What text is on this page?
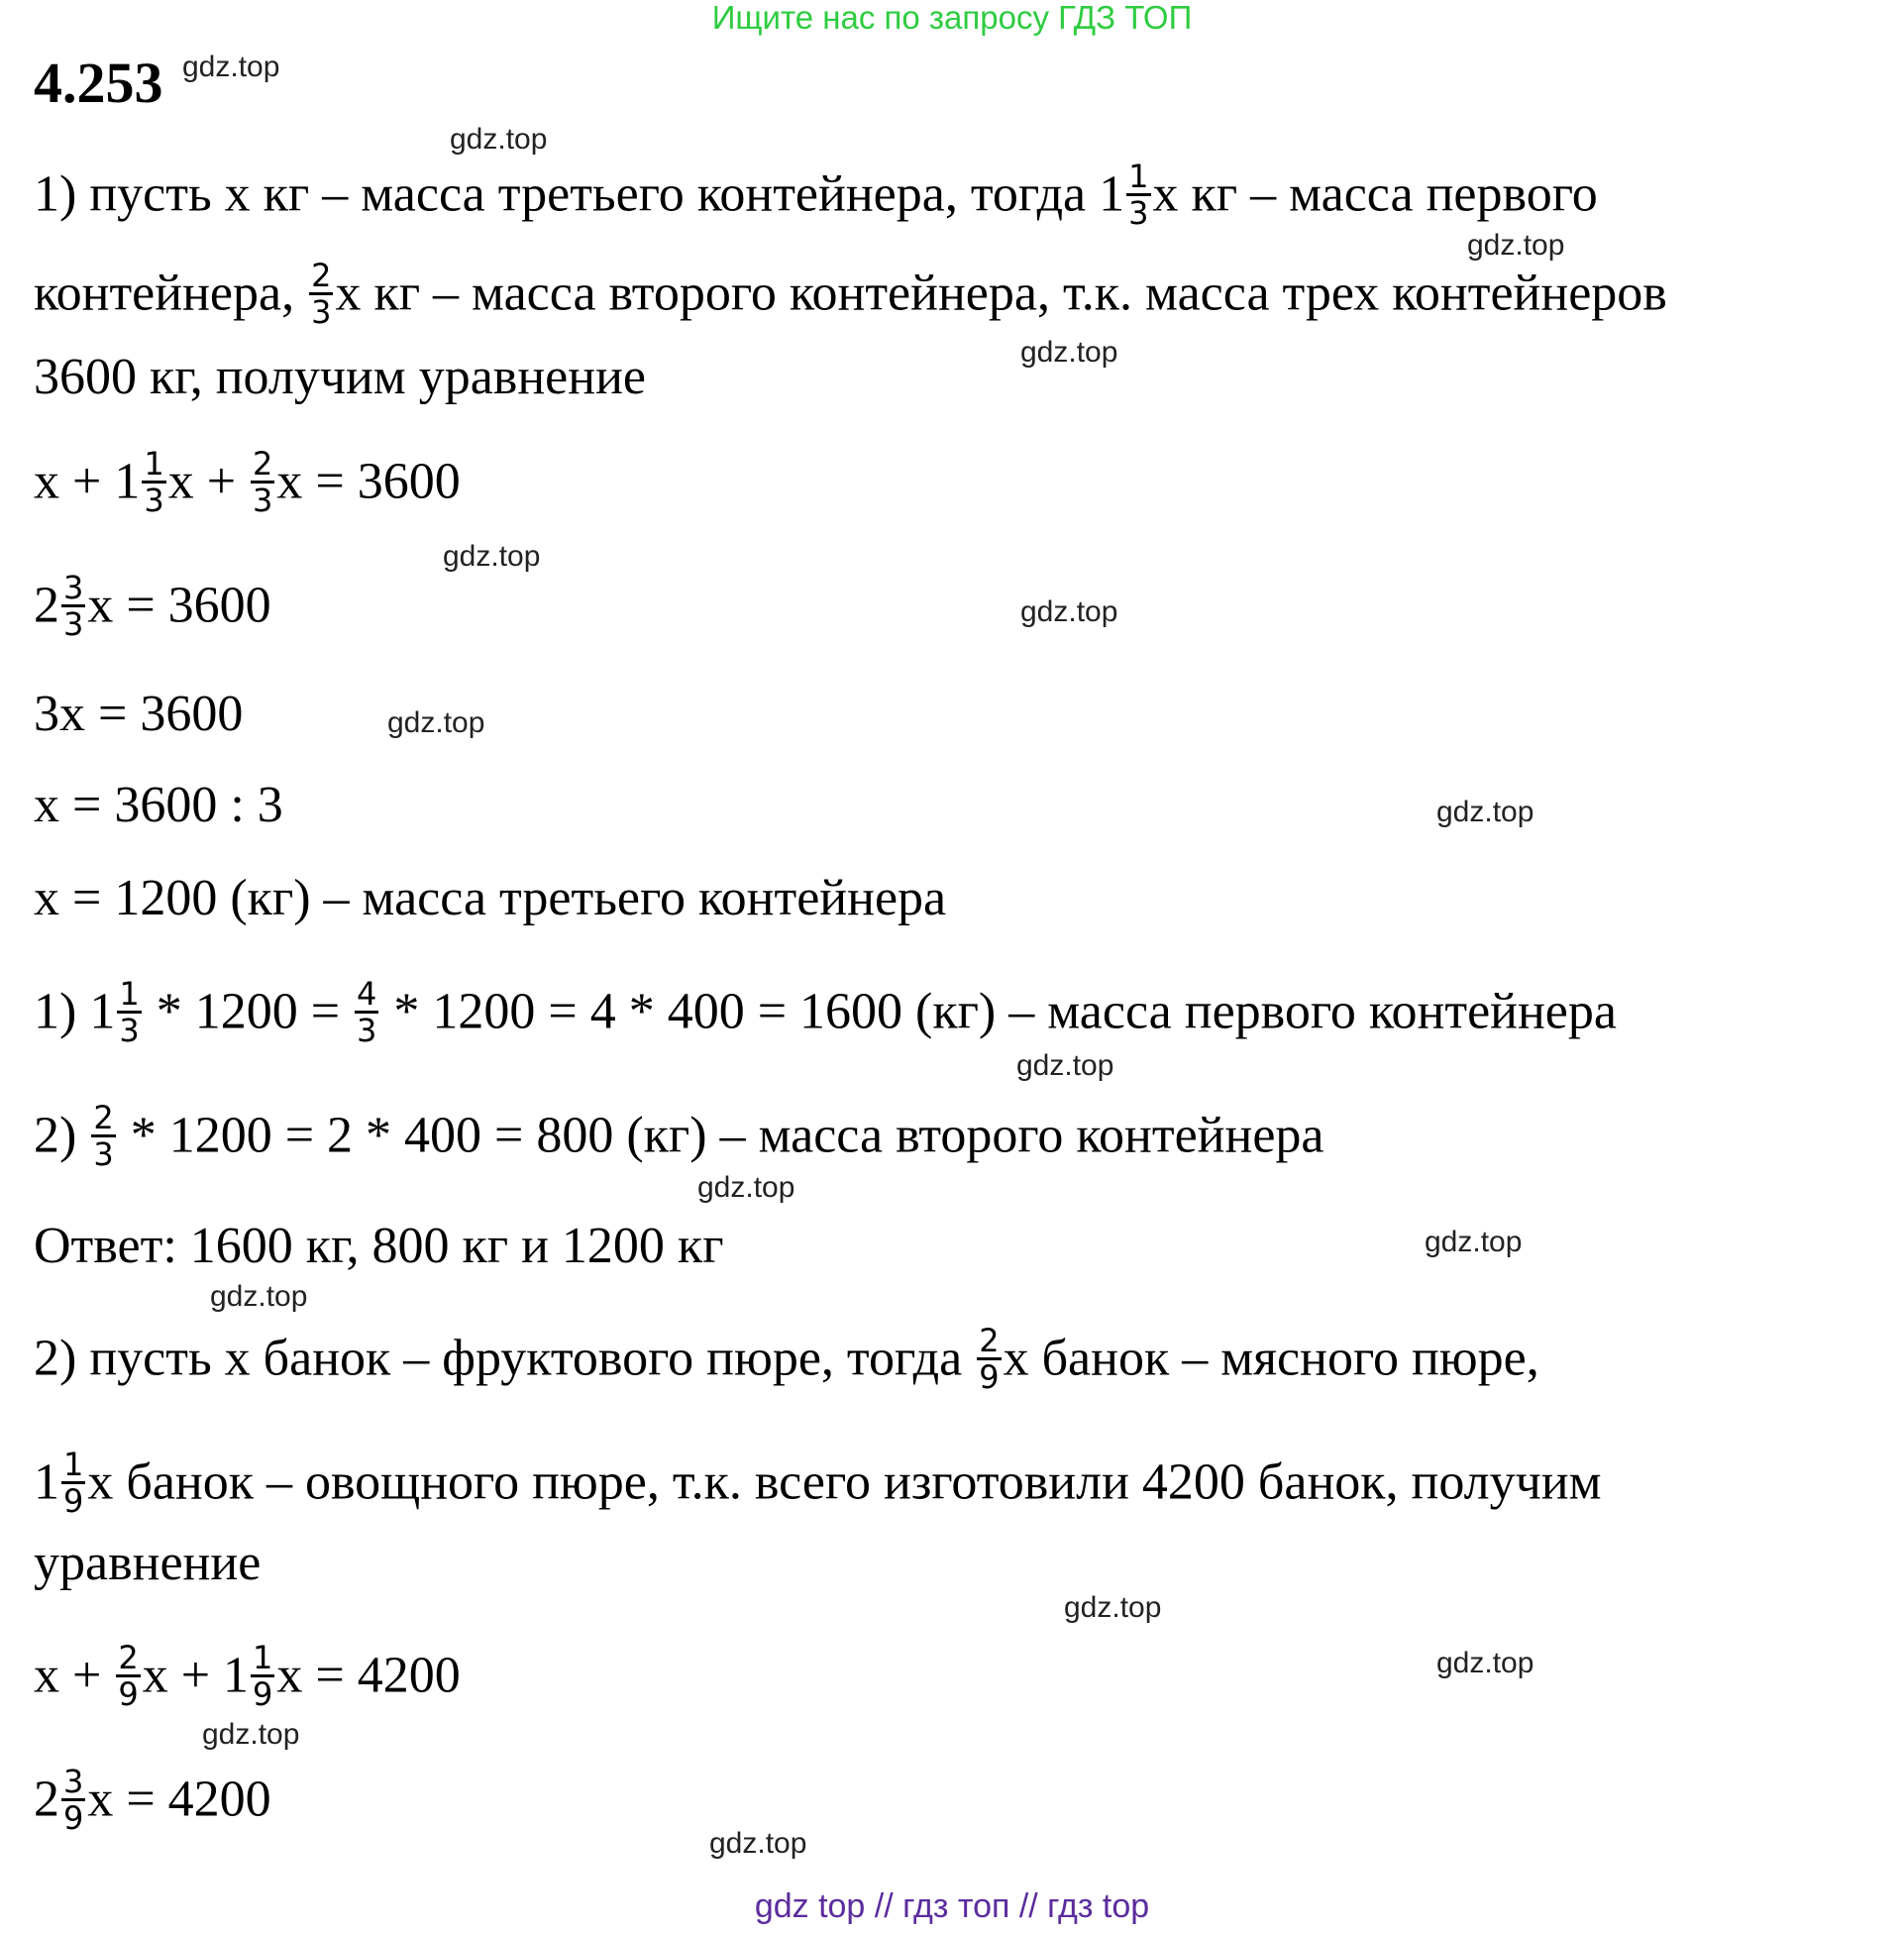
Ищите нас по запросу ГДЗ ТОП
4.253
1) пусть х кг – масса третьего контейнера, тогда $1 \frac{1}{3}$ х кг – масса первого
контейнера, $\frac{2}{3}$ х кг – масса второго контейнера, т.к. масса трех контейнеров
3600 кг, получим уравнение
$х + 1 \frac{1}{3}$ $х + \frac{2}{3}$ х = 3600
$2 \frac{3}{3}$ х = 3600
3х = 3600
х = 3600 : 3
х = 1200 (кг) – масса третьего контейнера
1) $1 \frac{1}{3} * 1200 = \frac{4}{3} * 1200 = 4 * 400 = 1600$ (кг) – масса первого контейнера
$2) \frac{2}{3} * 1200 = 2 * 400 = 800$ (кг) – масса второго контейнера
Ответ: 1600 кг, 800 кг и 1200 кг
2) пусть х банок – фруктового пюре, тогда $\frac{2}{9}$ х банок – мясного пюре,
$1 \frac{1}{9}$ х банок – овощного пюре, т.к. всего изготовили 4200 банок, получим
уравнение
$х + \frac{2}{9}$ $х + 1 \frac{1}{9}$ х = 4200
$2 \frac{3}{9}$ х = 4200
gdz.top
gdz.top
gdz.top
gdz.top
gdz.top
gdz.top
gdz.top
gdz.top
gdz.top
gdz.top
gdz.top
gdz.top
gdz.top
gdz.top
gdz.top
gdz.top
gdz top // гдз топ // гдз top
